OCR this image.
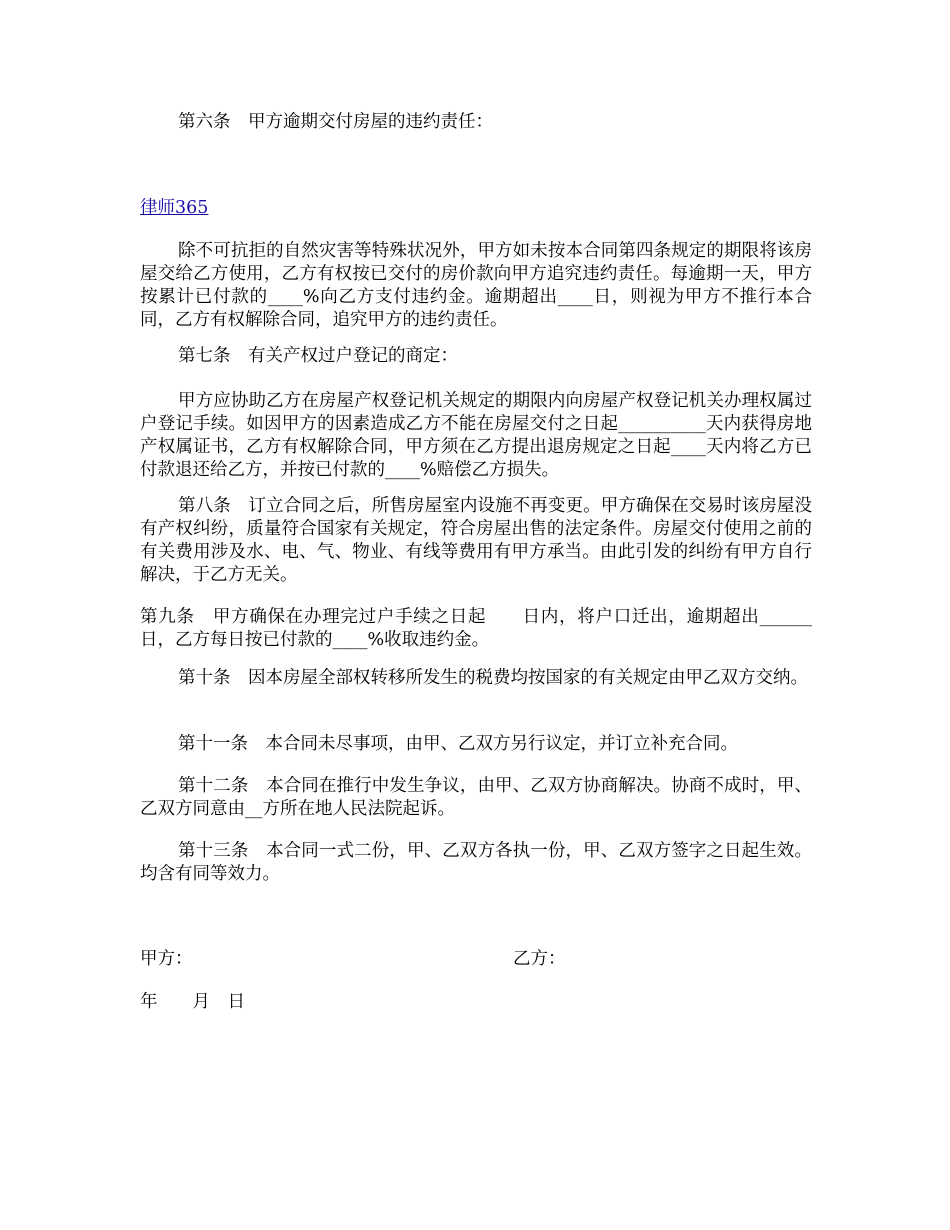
第六条　甲方逾期交付房屋的违约责任：

律师365

除不可抗拒的自然灾害等特殊状况外，甲方如未按本合同第四条规定的期限将该房屋交给乙方使用，乙方有权按已交付的房价款向甲方追究违约责任。每逾期一天，甲方按累计已付款的____%向乙方支付违约金。逾期超出____日，则视为甲方不推行本合同，乙方有权解除合同，追究甲方的违约责任。

第七条　有关产权过户登记的商定：

甲方应协助乙方在房屋产权登记机关规定的期限内向房屋产权登记机关办理权属过户登记手续。如因甲方的因素造成乙方不能在房屋交付之日起__________天内获得房地产权属证书，乙方有权解除合同，甲方须在乙方提出退房规定之日起____天内将乙方已付款退还给乙方，并按已付款的____%赔偿乙方损失。

第八条　订立合同之后，所售房屋室内设施不再变更。甲方确保在交易时该房屋没有产权纠纷，质量符合国家有关规定，符合房屋出售的法定条件。房屋交付使用之前的有关费用涉及水、电、气、物业、有线等费用有甲方承当。由此引发的纠纷有甲方自行解决，于乙方无关。

第九条　甲方确保在办理完过户手续之日起　　日内，将户口迁出，逾期超出______日，乙方每日按已付款的____%收取违约金。

第十条　因本房屋全部权转移所发生的税费均按国家的有关规定由甲乙双方交纳。

第十一条　本合同未尽事项，由甲、乙双方另行议定，并订立补充合同。

第十二条　本合同在推行中发生争议，由甲、乙双方协商解决。协商不成时，甲、乙双方同意由__方所在地人民法院起诉。

第十三条　本合同一式二份，甲、乙双方各执一份，甲、乙双方签字之日起生效。均含有同等效力。

甲方：	乙方：

年　　月　日
